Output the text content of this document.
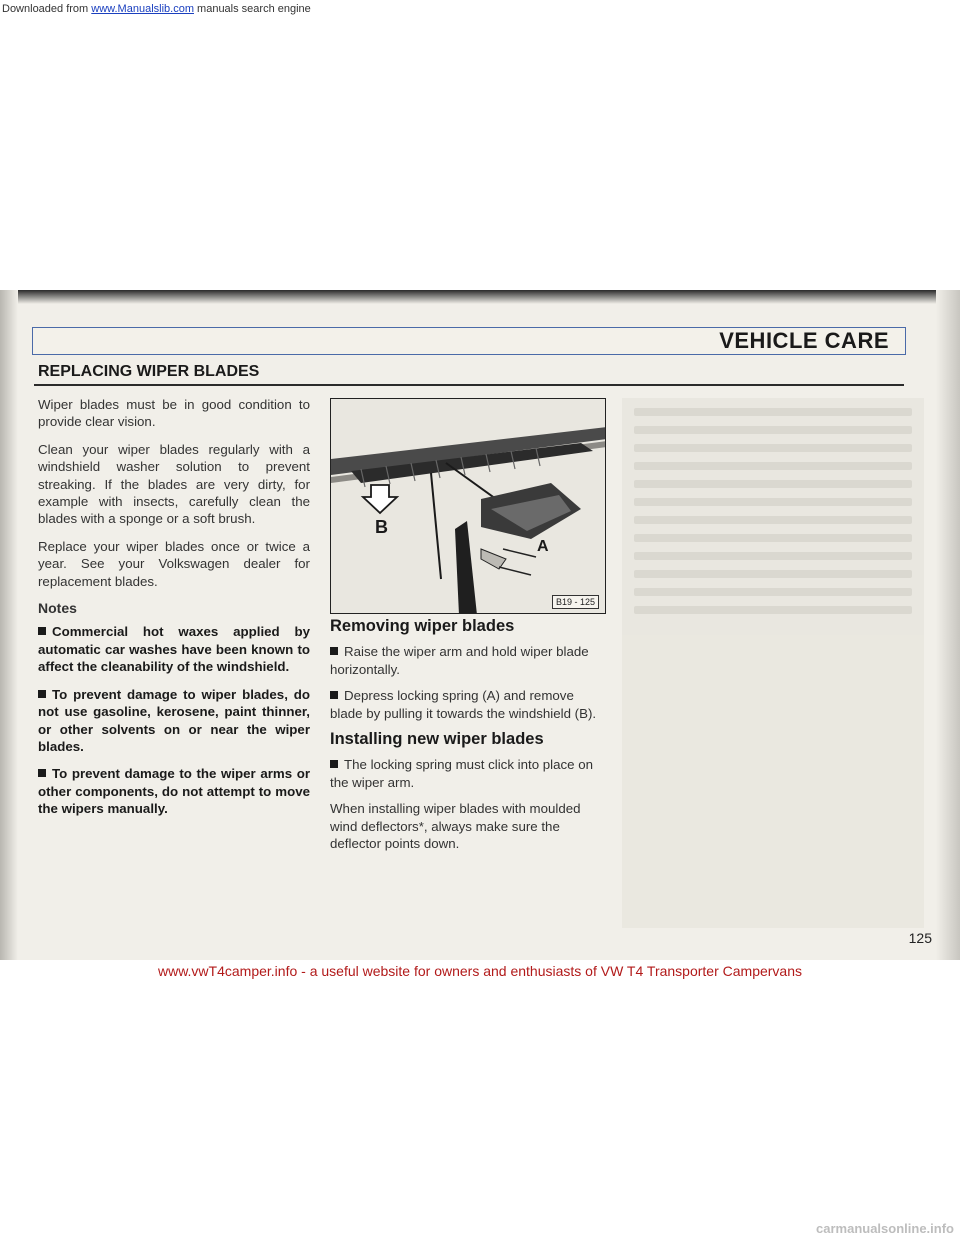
Downloaded from www.Manualslib.com manuals search engine
VEHICLE CARE
REPLACING WIPER BLADES

Wiper blades must be in good condition to provide clear vision.

Clean your wiper blades regularly with a windshield washer solution to prevent streaking. If the blades are very dirty, for example with insects, carefully clean the blades with a sponge or a soft brush.

Replace your wiper blades once or twice a year. See your Volkswagen dealer for replacement blades.

Notes

Commercial hot waxes applied by automatic car washes have been known to affect the cleanability of the windshield.

To prevent damage to wiper blades, do not use gasoline, kerosene, paint thinner, or other solvents on or near the wiper blades.

To prevent damage to the wiper arms or other components, do not attempt to move the wipers manually.

B
A
B19 - 125
Removing wiper blades

Raise the wiper arm and hold wiper blade horizontally.

Depress locking spring (A) and remove blade by pulling it towards the windshield (B).

Installing new wiper blades

The locking spring must click into place on the wiper arm.

When installing wiper blades with moulded wind deflectors*, always make sure the deflector points down.

125
www.vwT4camper.info - a useful website for owners and enthusiasts of VW T4 Transporter Campervans
carmanualsonline.info
